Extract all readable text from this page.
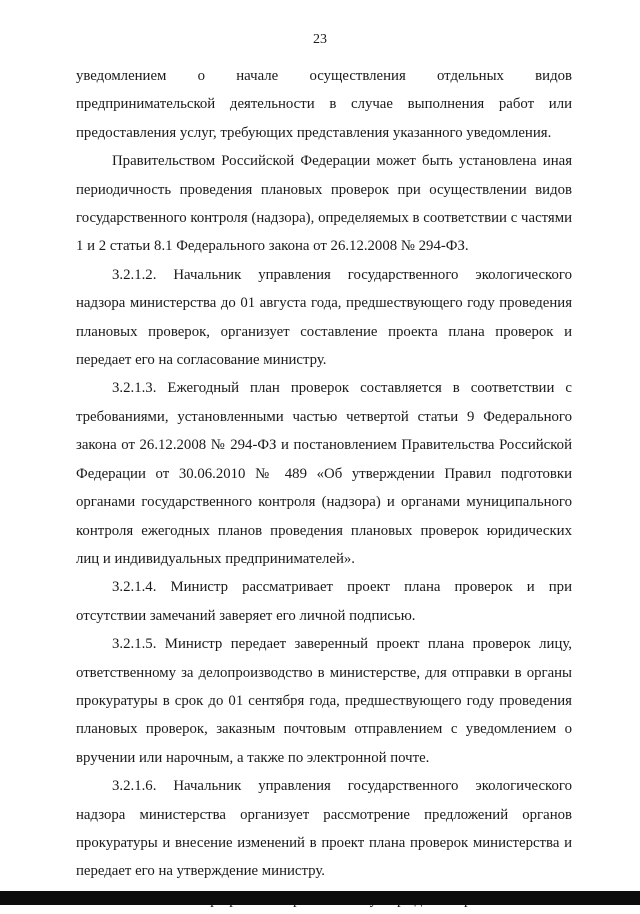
23

уведомлением о начале осуществления отдельных видов предпринимательской деятельности в случае выполнения работ или предоставления услуг, требующих представления указанного уведомления.

Правительством Российской Федерации может быть установлена иная периодичность проведения плановых проверок при осуществлении видов государственного контроля (надзора), определяемых в соответствии с частями 1 и 2 статьи 8.1 Федерального закона от 26.12.2008 № 294-ФЗ.

3.2.1.2. Начальник управления государственного экологического надзора министерства до 01 августа года, предшествующего году проведения плановых проверок, организует составление проекта плана проверок и передает его на согласование министру.

3.2.1.3. Ежегодный план проверок составляется в соответствии с требованиями, установленными частью четвертой статьи 9 Федерального закона от 26.12.2008 № 294-ФЗ и постановлением Правительства Российской Федерации от 30.06.2010 № 489 «Об утверждении Правил подготовки органами государственного контроля (надзора) и органами муниципального контроля ежегодных планов проведения плановых проверок юридических лиц и индивидуальных предпринимателей».

3.2.1.4. Министр рассматривает проект плана проверок и при отсутствии замечаний заверяет его личной подписью.

3.2.1.5. Министр передает заверенный проект плана проверок лицу, ответственному за делопроизводство в министерстве, для отправки в органы прокуратуры в срок до 01 сентября года, предшествующего году проведения плановых проверок, заказным почтовым отправлением с уведомлением о вручении или нарочным, а также по электронной почте.

3.2.1.6. Начальник управления государственного экологического надзора министерства организует рассмотрение предложений органов прокуратуры и внесение изменений в проект плана проверок министерства и передает его на утверждение министру.
